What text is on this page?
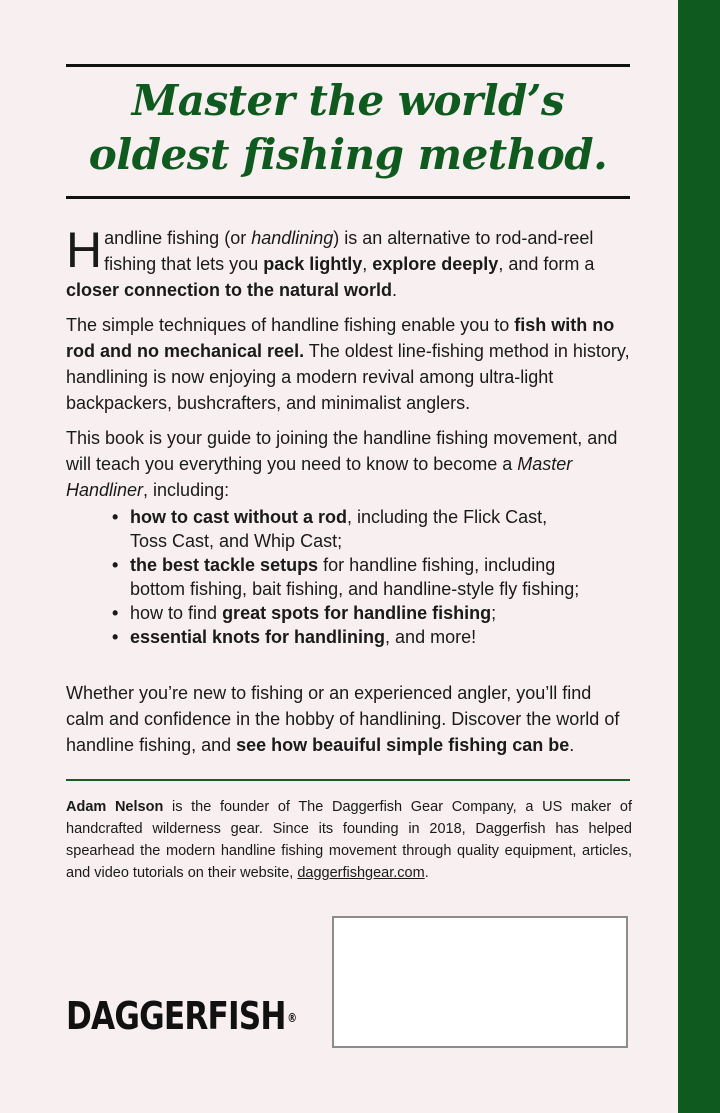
Master the world’s oldest fishing method.

Handline fishing (or handlining) is an alternative to rod-and-reel fishing that lets you pack lightly, explore deeply, and form a closer connection to the natural world.

The simple techniques of handline fishing enable you to fish with no rod and no mechanical reel. The oldest line-fishing method in history, handlining is now enjoying a modern revival among ultra-light backpackers, bushcrafters, and minimalist anglers.

This book is your guide to joining the handline fishing movement, and will teach you everything you need to know to become a Master Handliner, including:

• how to cast without a rod, including the Flick Cast, Toss Cast, and Whip Cast;
• the best tackle setups for handline fishing, including bottom fishing, bait fishing, and handline-style fly fishing;
• how to find great spots for handline fishing;
• essential knots for handlining, and more!

Whether you’re new to fishing or an experienced angler, you’ll find calm and confidence in the hobby of handlining. Discover the world of handline fishing, and see how beauiful simple fishing can be.

Adam Nelson is the founder of The Daggerfish Gear Company, a US maker of handcrafted wilderness gear. Since its founding in 2018, Daggerfish has helped spearhead the modern handline fishing movement through quality equipment, articles, and video tutorials on their website, daggerfishgear.com.

DAGGERFISH ®
